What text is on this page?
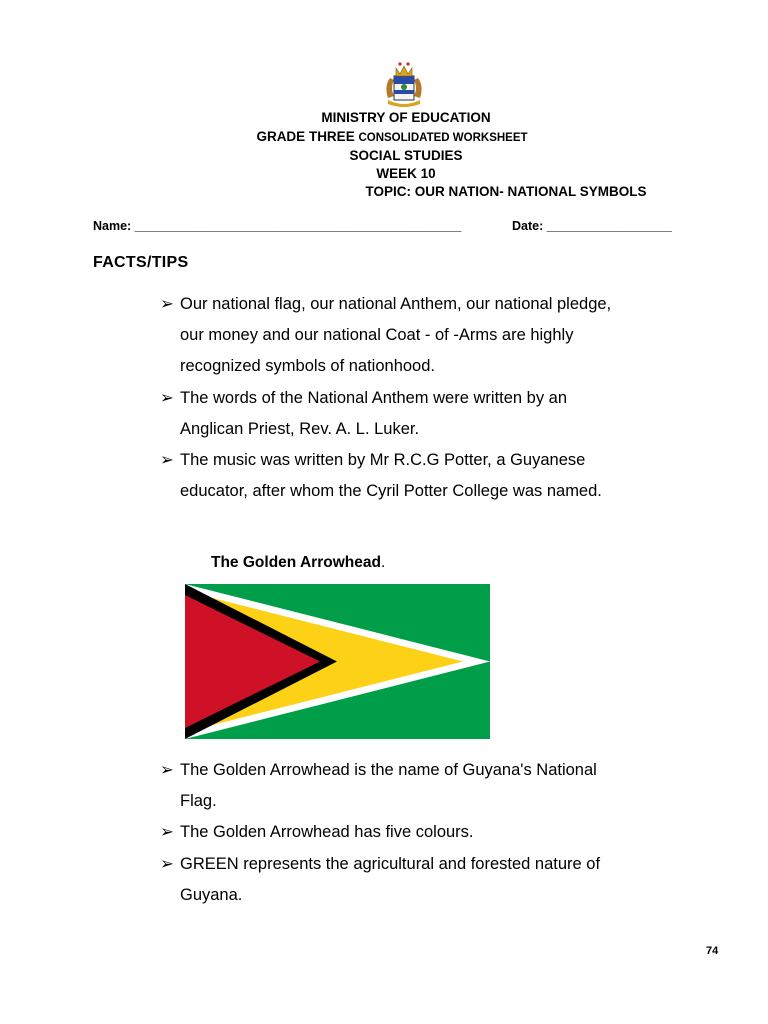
MINISTRY OF EDUCATION
GRADE THREE CONSOLIDATED WORKSHEET
SOCIAL STUDIES
WEEK 10
TOPIC: OUR NATION- NATIONAL SYMBOLS
Name: _______________________________________________	Date: __________________
FACTS/TIPS
➢ Our national flag, our national Anthem, our national pledge,
our money and our national Coat - of -Arms are highly
recognized symbols of nationhood.
➢ The words of the National Anthem were written by an
Anglican Priest, Rev. A. L. Luker.
➢ The music was written by Mr R.C.G Potter, a Guyanese
educator, after whom the Cyril Potter College was named.
The Golden Arrowhead.
➢ The Golden Arrowhead is the name of Guyana's National
Flag.
➢ The Golden Arrowhead has five colours.
➢ GREEN represents the agricultural and forested nature of
Guyana.
74
